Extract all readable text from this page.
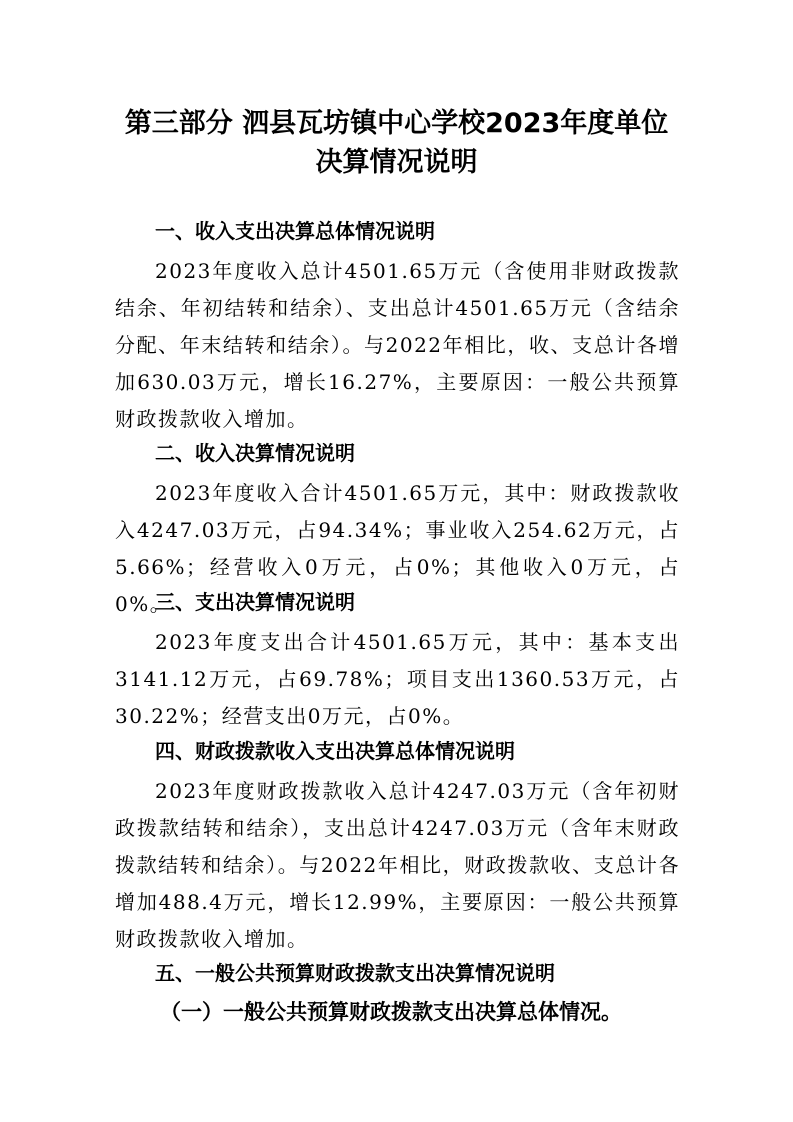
第三部分 泗县瓦坊镇中心学校2023年度单位
决算情况说明
一、收入支出决算总体情况说明

2023年度收入总计4501.65万元（含使用非财政拨款结余、年初结转和结余）、支出总计4501.65万元（含结余分配、年末结转和结余）。与2022年相比，收、支总计各增加630.03万元，增长16.27%，主要原因：一般公共预算财政拨款收入增加。

二、收入决算情况说明

2023年度收入合计4501.65万元，其中：财政拨款收入4247.03万元，占94.34%；事业收入254.62万元，占5.66%；经营收入0万元，占0%；其他收入0万元，占0%。

三、支出决算情况说明

2023年度支出合计4501.65万元，其中：基本支出3141.12万元，占69.78%；项目支出1360.53万元，占30.22%；经营支出0万元，占0%。

四、财政拨款收入支出决算总体情况说明

2023年度财政拨款收入总计4247.03万元（含年初财政拨款结转和结余），支出总计4247.03万元（含年末财政拨款结转和结余）。与2022年相比，财政拨款收、支总计各增加488.4万元，增长12.99%，主要原因：一般公共预算财政拨款收入增加。

五、一般公共预算财政拨款支出决算情况说明
（一）一般公共预算财政拨款支出决算总体情况。
